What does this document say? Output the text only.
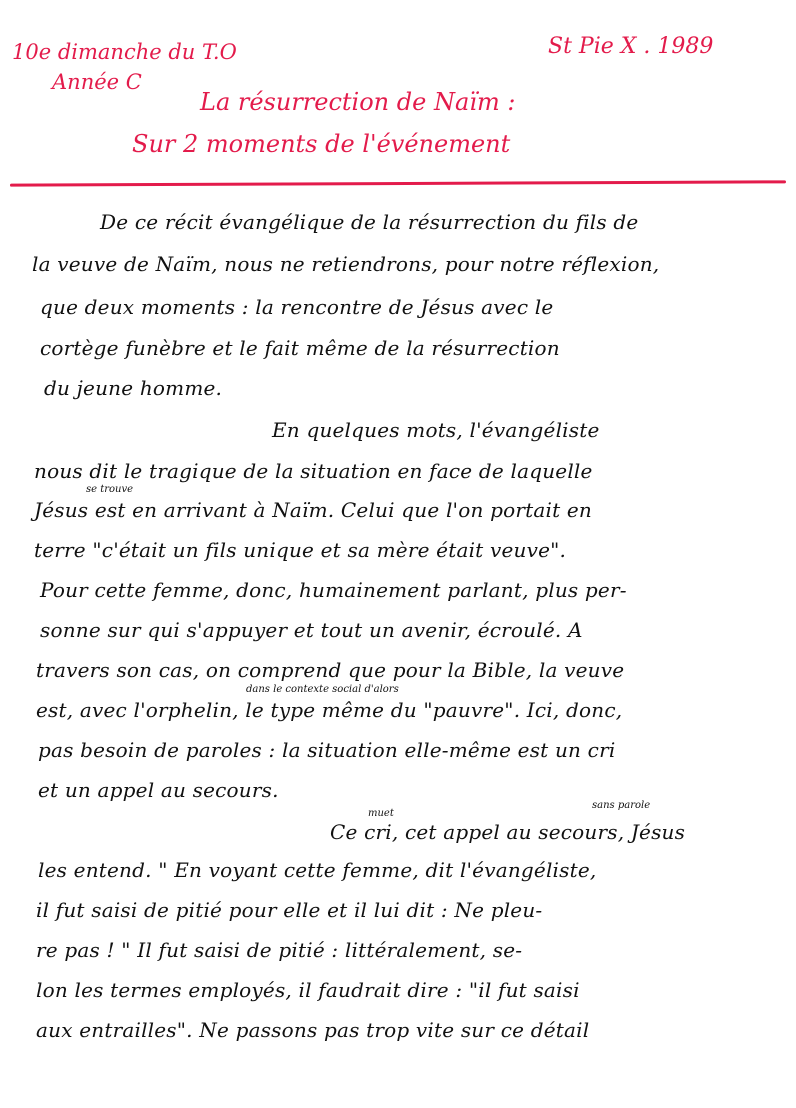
10e dimanche du T.O
Année C
St Pie X . 1989
La résurrection de Naïm :
Sur 2 moments de l'événement
De ce récit évangélique de la résurrection du fils de
la veuve de Naïm, nous ne retiendrons, pour notre réflexion,
que deux moments : la rencontre de Jésus avec le
cortège funèbre et le fait même de la résurrection
du jeune homme.
En quelques mots, l'évangéliste
nous dit le tragique de la situation en face de laquelle
se trouve
Jésus est en arrivant à Naïm. Celui que l'on portait en
terre "c'était un fils unique et sa mère était veuve".
Pour cette femme, donc, humainement parlant, plus per-
sonne sur qui s'appuyer et tout un avenir, écroulé. A
travers son cas, on comprend que pour la Bible, la veuve
dans le contexte social d'alors
est, avec l'orphelin, le type même du "pauvre". Ici, donc,
pas besoin de paroles : la situation elle-même est un cri
et un appel au secours.
muet
sans parole
Ce cri, cet appel au secours, Jésus
les entend. " En voyant cette femme, dit l'évangéliste,
il fut saisi de pitié pour elle et il lui dit : Ne pleu-
re pas ! " Il fut saisi de pitié : littéralement, se-
lon les termes employés, il faudrait dire : "il fut saisi
aux entrailles". Ne passons pas trop vite sur ce détail
